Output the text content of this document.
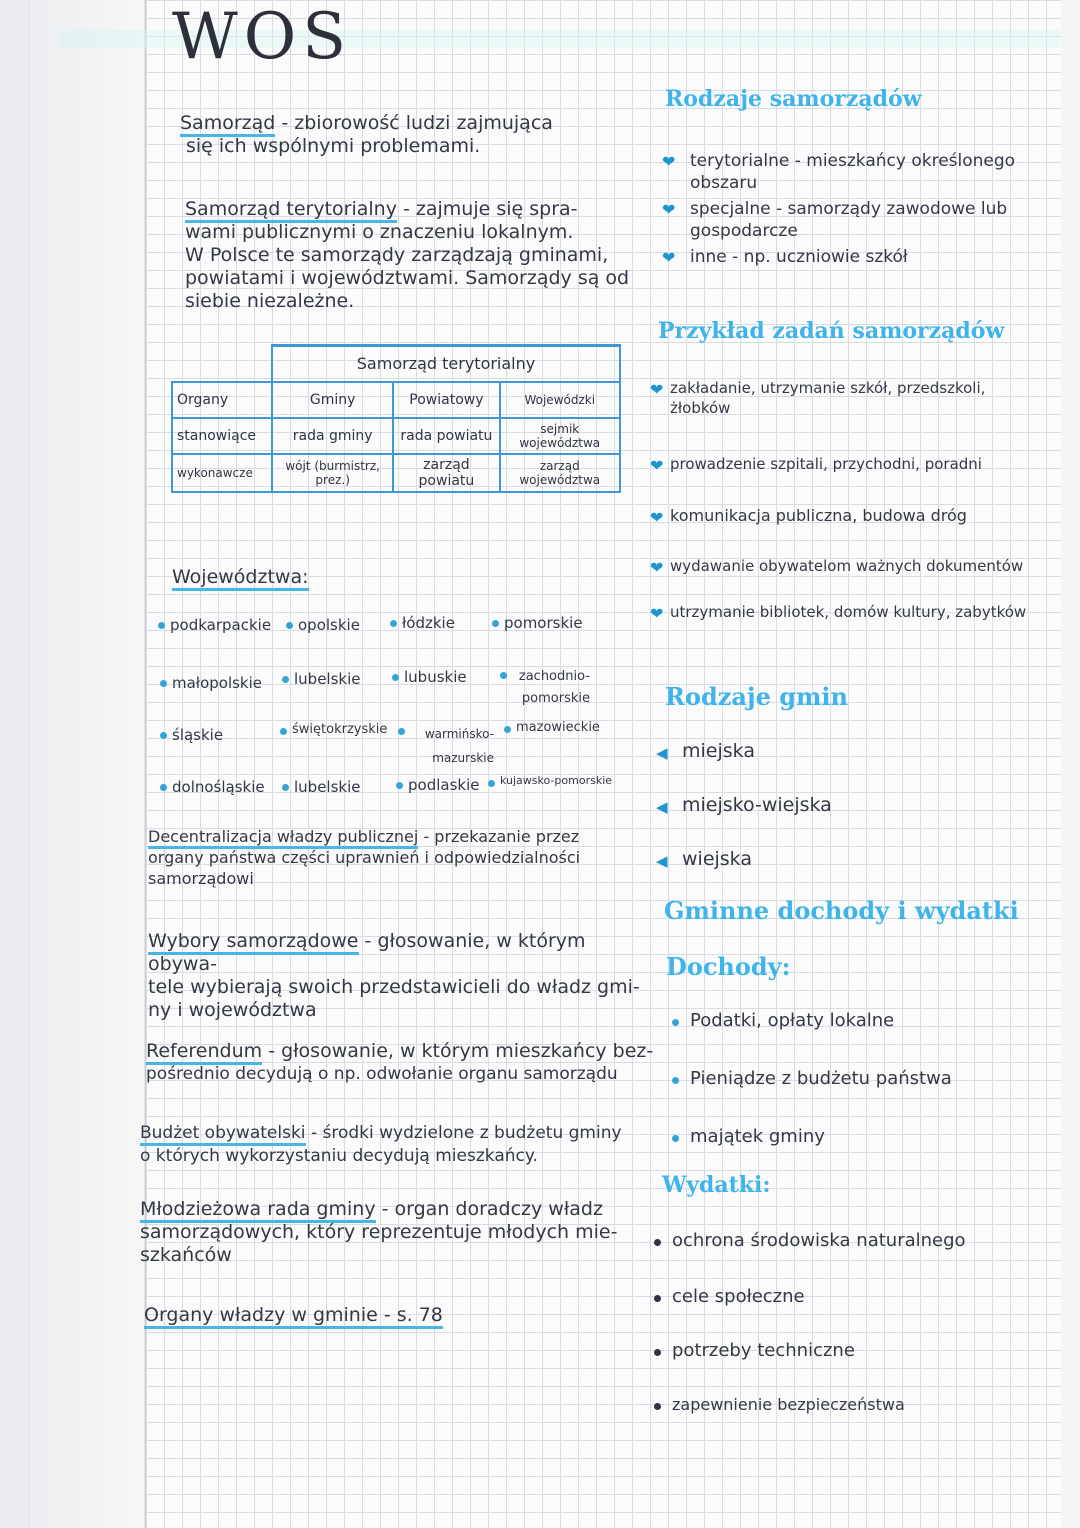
WOS
Samorząd - zbiorowość ludzi zajmująca
się ich wspólnymi problemami.
Samorząd terytorialny - zajmuje się spra-
wami publicznymi o znaczeniu lokalnym.
W Polsce te samorządy zarządzają gminami,
powiatami i województwami. Samorządy są od
siebie niezależne.
	Samorząd terytorialny		
Organy	Gminy	Powiatowy	Wojewódzki
stanowiące	rada gminy	rada powiatu	sejmik województwa
wykonawcze	wójt (burmistrz, prez.)	zarząd powiatu	zarząd województwa
Województwa:
podkarpackie opolskie	łódzkie	pomorskie
małopolskie lubelskie	lubuskie	zachodnio-pomorskie
śląskie	świętokrzyskie	warmińsko-mazurskie
mazowieckie
dolnośląskie lubelskie	podlaskie kujawsko-pomorskie
Decentralizacja władzy publicznej - przekazanie przez
organy państwa części uprawnień i odpowiedzialności
samorządowi
Wybory samorządowe - głosowanie, w którym obywa-
tele wybierają swoich przedstawicieli do władz gmi-
ny i województwa
Referendum - głosowanie, w którym mieszkańcy bez-
pośrednio decydują o np. odwołanie organu samorządu
Budżet obywatelski - środki wydzielone z budżetu gminy
o których wykorzystaniu decydują mieszkańcy.
Młodzieżowa rada gminy - organ doradczy władz
samorządowych, który reprezentuje młodych mie-
szkańców
Organy władzy w gminie - s. 78
Rodzaje samorządów
❤ terytorialne - mieszkańcy określonego
obszaru
❤ specjalne - samorządy zawodowe lub
gospodarcze
❤ inne - np. uczniowie szkół
Przykład zadań samorządów
❤ zakładanie, utrzymanie szkół, przedszkoli, żłobków
❤ prowadzenie szpitali, przychodni, poradni
❤ komunikacja publiczna, budowa dróg
❤ wydawanie obywatelom ważnych dokumentów
❤ utrzymanie bibliotek, domów kultury, zabytków
Rodzaje gmin
◀ miejska
◀ miejsko-wiejska
◀ wiejska
Gminne dochody i wydatki
Dochody:
Podatki, opłaty lokalne
Pieniądze z budżetu państwa
majątek gminy
Wydatki:
ochrona środowiska naturalnego
cele społeczne
potrzeby techniczne
zapewnienie bezpieczeństwa
